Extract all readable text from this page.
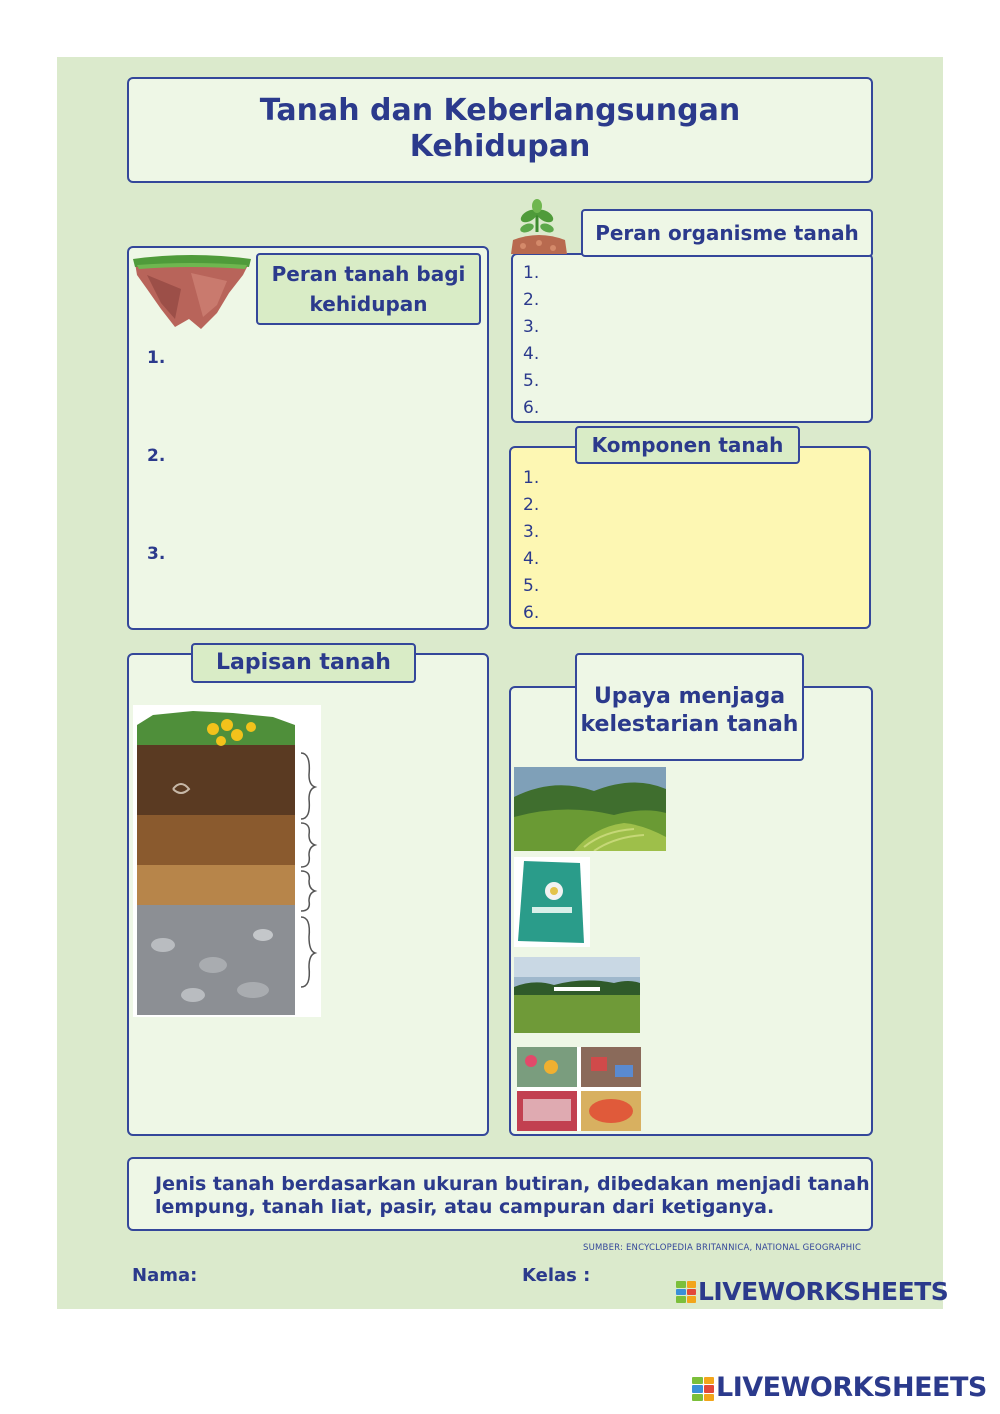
Tanah dan Keberlangsungan
Kehidupan
1.
2.
3.
Peran tanah bagi
kehidupan
1.
2.
3.
4.
5.
6.
Peran organisme tanah
1.
2.
3.
4.
5.
6.
Komponen tanah
Lapisan tanah
Upaya menjaga
kelestarian tanah
Jenis tanah berdasarkan ukuran butiran, dibedakan menjadi tanah
lempung, tanah liat, pasir, atau campuran dari ketiganya.
SUMBER: ENCYCLOPEDIA BRITANNICA, NATIONAL GEOGRAPHIC
Nama:	Kelas :
LIVEWORKSHEETS
LIVEWORKSHEETS
